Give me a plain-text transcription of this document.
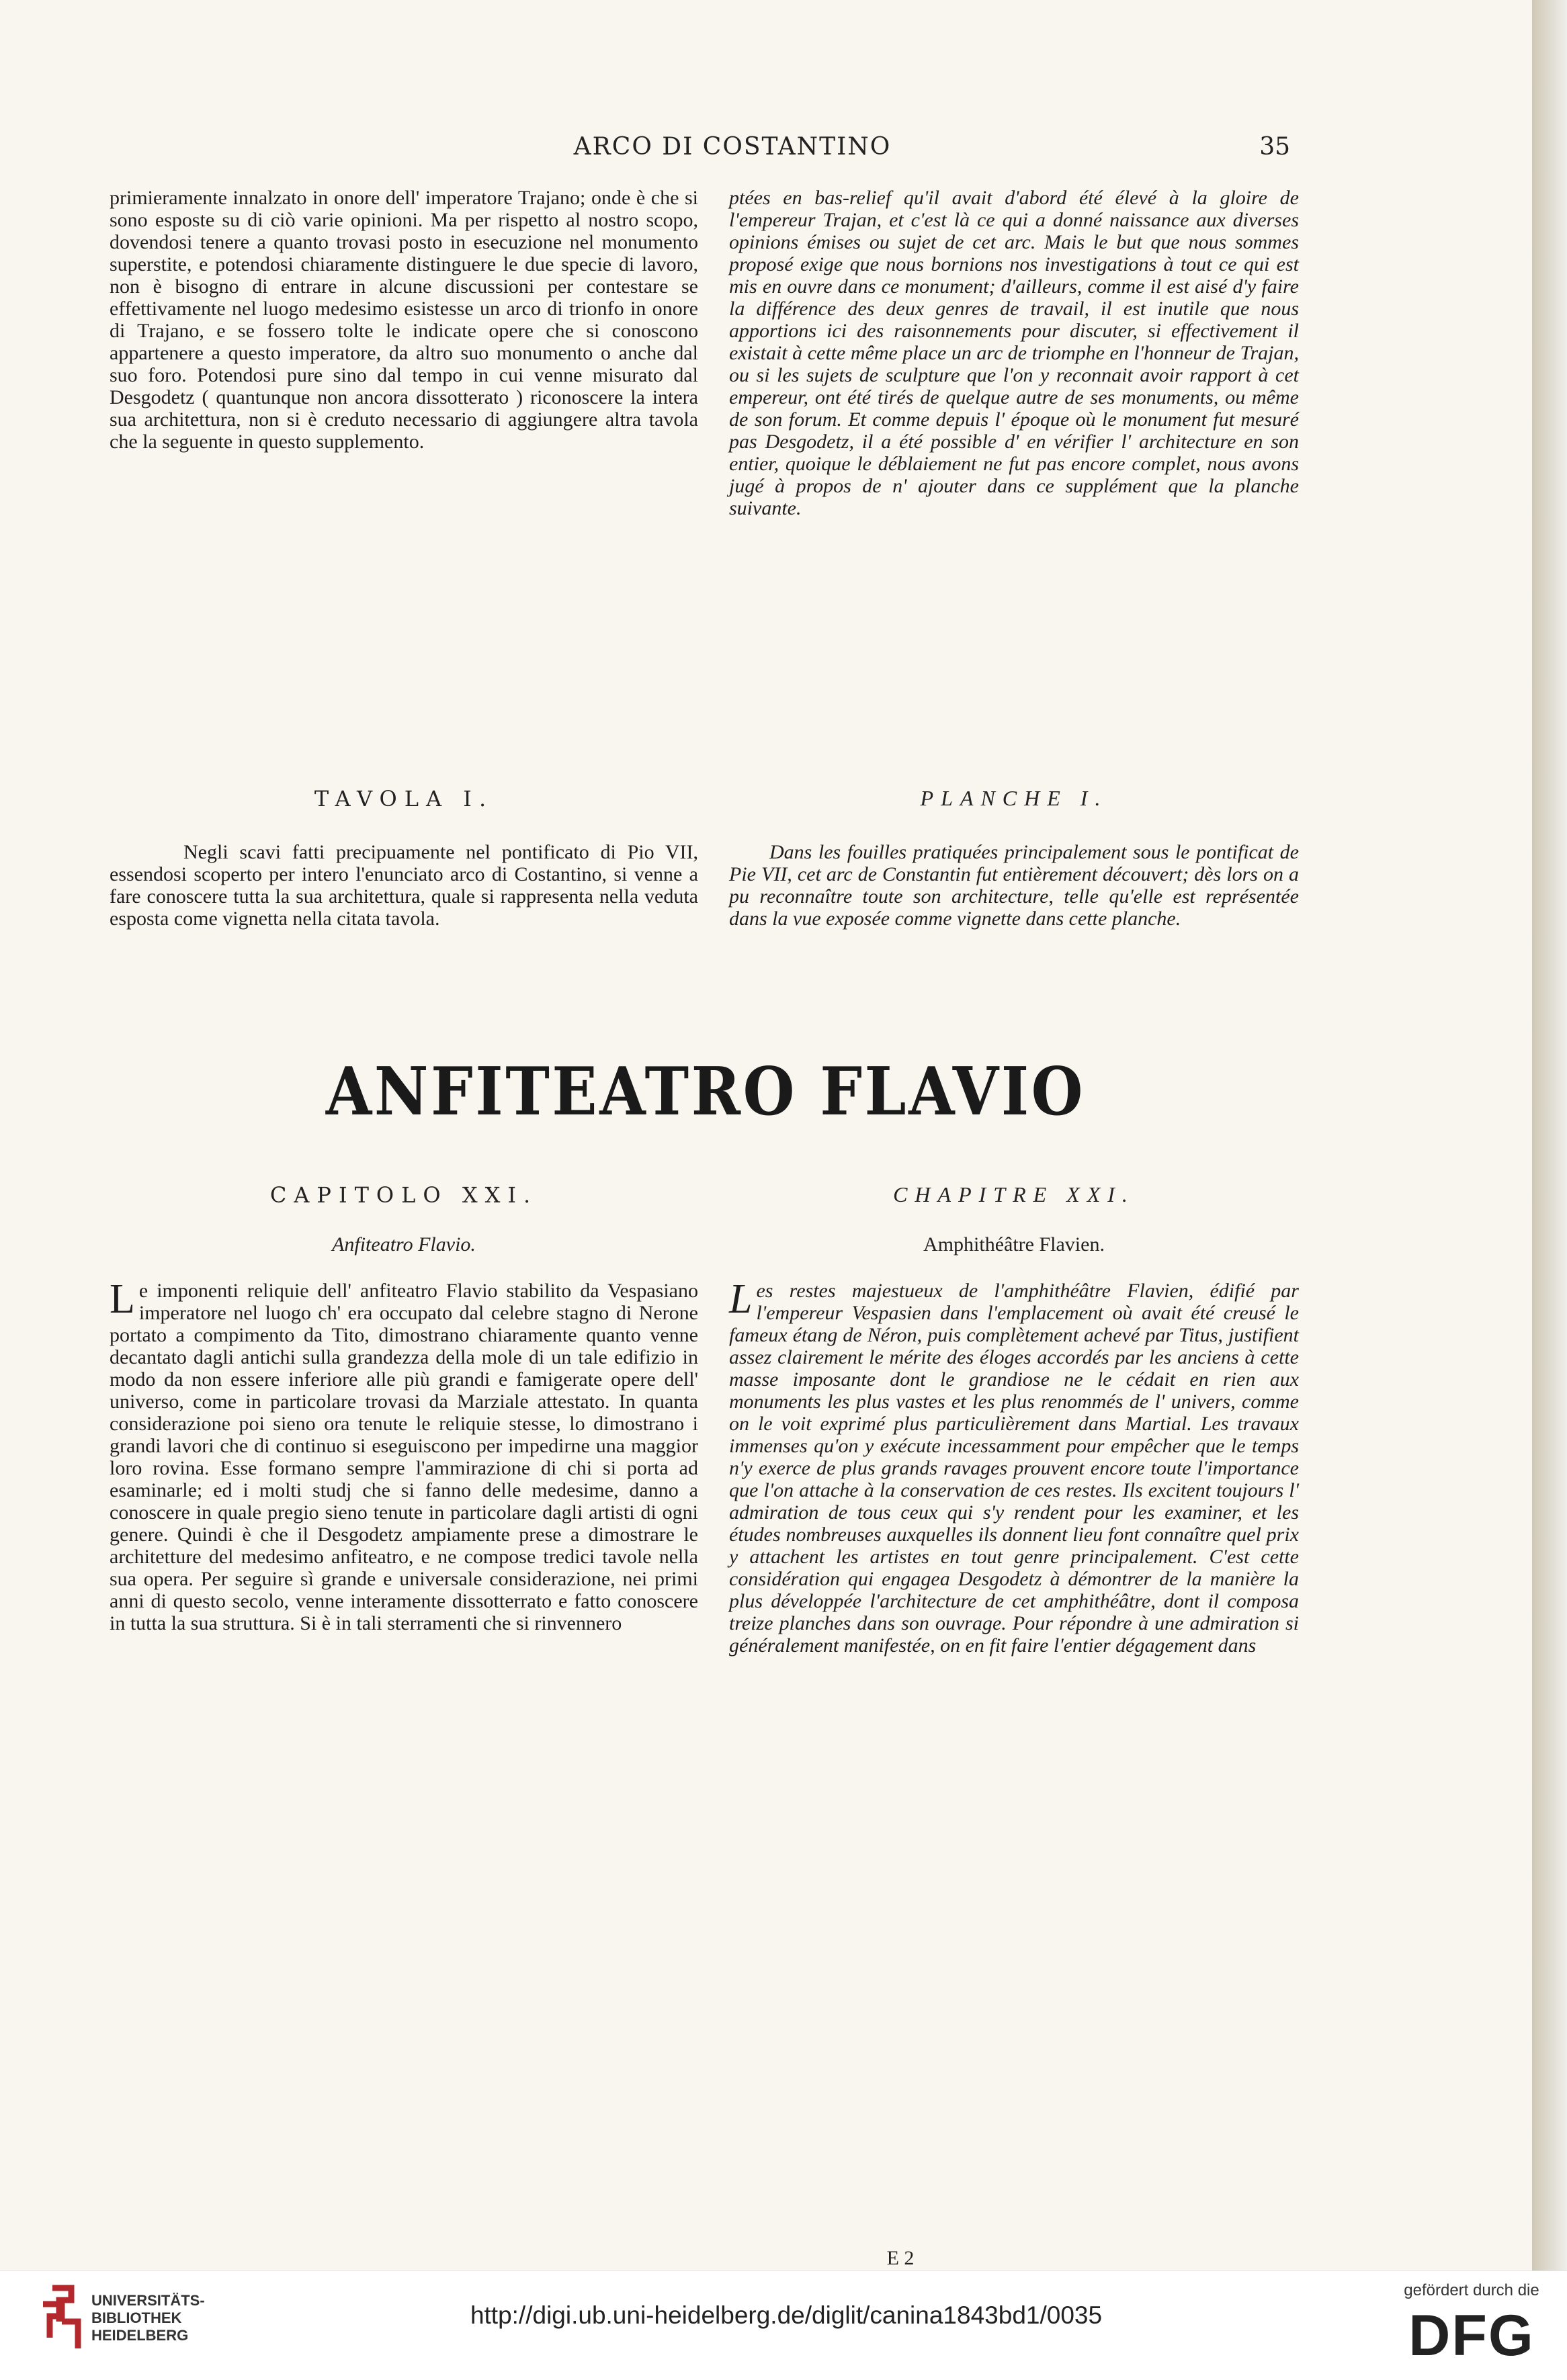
ARCO DI COSTANTINO	35

primieramente innalzato in onore dell' imperatore Trajano; onde è che si sono esposte su di ciò varie opinioni. Ma per rispetto al nostro scopo, dovendosi tenere a quanto trovasi posto in esecuzione nel monumento superstite, e potendosi chiaramente distinguere le due specie di lavoro, non è bisogno di entrare in alcune discussioni per contestare se effettivamente nel luogo medesimo esistesse un arco di trionfo in onore di Trajano, e se fossero tolte le indicate opere che si conoscono appartenere a questo imperatore, da altro suo monumento o anche dal suo foro. Potendosi pure sino dal tempo in cui venne misurato dal Desgodetz ( quantunque non ancora dissotterato ) riconoscere la intera sua architettura, non si è creduto necessario di aggiungere altra tavola che la seguente in questo supplemento.

ptées en bas-relief qu'il avait d'abord été élevé à la gloire de l'empereur Trajan, et c'est là ce qui a donné naissance aux diverses opinions émises ou sujet de cet arc. Mais le but que nous sommes proposé exige que nous bornions nos investigations à tout ce qui est mis en ouvre dans ce monument; d'ailleurs, comme il est aisé d'y faire la différence des deux genres de travail, il est inutile que nous apportions ici des raisonnements pour discuter, si effectivement il existait à cette même place un arc de triomphe en l'honneur de Trajan, ou si les sujets de sculpture que l'on y reconnait avoir rapport à cet empereur, ont été tirés de quelque autre de ses monuments, ou même de son forum. Et comme depuis l' époque où le monument fut mesuré pas Desgodetz, il a été possible d' en vérifier l' architecture en son entier, quoique le déblaiement ne fut pas encore complet, nous avons jugé à propos de n' ajouter dans ce supplément que la planche suivante.

TAVOLA I.	PLANCHE I.

Negli scavi fatti precipuamente nel pontificato di Pio VII, essendosi scoperto per intero l'enunciato arco di Costantino, si venne a fare conoscere tutta la sua architettura, quale si rappresenta nella veduta esposta come vignetta nella citata tavola.

Dans les fouilles pratiquées principalement sous le pontificat de Pie VII, cet arc de Constantin fut entièrement découvert; dès lors on a pu reconnaître toute son architecture, telle qu'elle est représentée dans la vue exposée comme vignette dans cette planche.

ANFITEATRO FLAVIO
CAPITOLO XXI.	CHAPITRE XXI.
Anfiteatro Flavio.	Amphithéâtre Flavien.
L e imponenti reliquie dell' anfiteatro Flavio stabilito da Vespasiano imperatore nel luogo ch' era occupato dal celebre stagno di Nerone portato a compimento da Tito, dimostrano chiaramente quanto venne decantato dagli antichi sulla grandezza della mole di un tale edifizio in modo da non essere inferiore alle più grandi e famigerate opere dell' universo, come in particolare trovasi da Marziale attestato. In quanta considerazione poi sieno ora tenute le reliquie stesse, lo dimostrano i grandi lavori che di continuo si eseguiscono per impedirne una maggior loro rovina. Esse formano sempre l'ammirazione di chi si porta ad esaminarle; ed i molti studj che si fanno delle medesime, danno a conoscere in quale pregio sieno tenute in particolare dagli artisti di ogni genere. Quindi è che il Desgodetz ampiamente prese a dimostrare le architetture del medesimo anfiteatro, e ne compose tredici tavole nella sua opera. Per seguire sì grande e universale considerazione, nei primi anni di questo secolo, venne interamente dissotterrato e fatto conoscere in tutta la sua struttura. Si è in tali sterramenti che si rinvennero

L es restes majestueux de l'amphithéâtre Flavien, édifié par l'empereur Vespasien dans l'emplacement où avait été creusé le fameux étang de Néron, puis complètement achevé par Titus, justifient assez clairement le mérite des éloges accordés par les anciens à cette masse imposante dont le grandiose ne le cédait en rien aux monuments les plus vastes et les plus renommés de l' univers, comme on le voit exprimé plus particulièrement dans Martial. Les travaux immenses qu'on y exécute incessamment pour empêcher que le temps n'y exerce de plus grands ravages prouvent encore toute l'importance que l'on attache à la conservation de ces restes. Ils excitent toujours l' admiration de tous ceux qui s'y rendent pour les examiner, et les études nombreuses auxquelles ils donnent lieu font connaître quel prix y attachent les artistes en tout genre principalement. C'est cette considération qui engagea Desgodetz à démontrer de la manière la plus développée l'architecture de cet amphithéâtre, dont il composa treize planches dans son ouvrage. Pour répondre à une admiration si généralement manifestée, on en fit faire l'entier dégagement dans

E 2
UNIVERSITÄTS-
BIBLIOTHEK
HEIDELBERG
http://digi.ub.uni-heidelberg.de/diglit/canina1843bd1/0035
gefördert durch die
DFG
